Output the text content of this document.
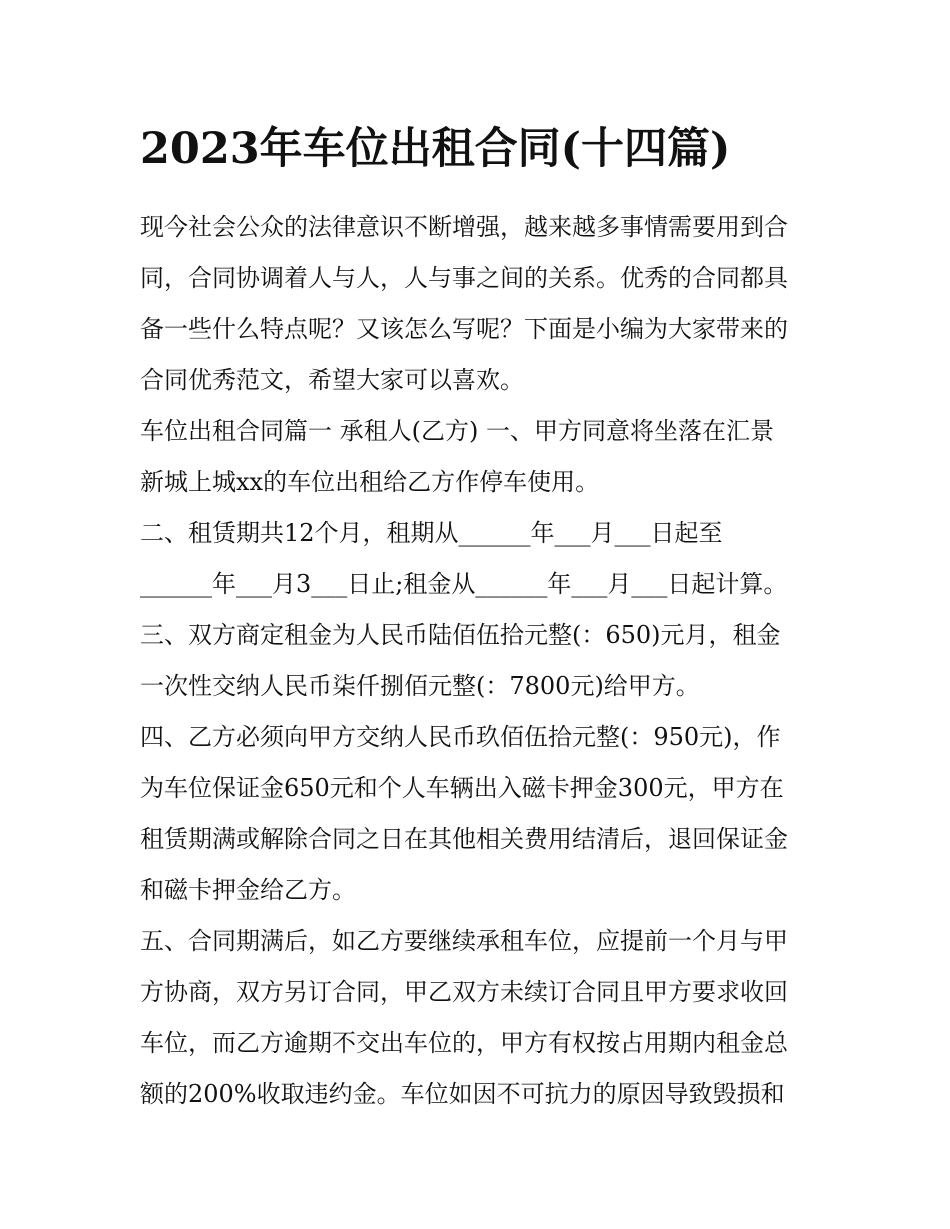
2023年车位出租合同(十四篇)
现今社会公众的法律意识不断增强，越来越多事情需要用到合
同，合同协调着人与人，人与事之间的关系。优秀的合同都具
备一些什么特点呢？又该怎么写呢？下面是小编为大家带来的
合同优秀范文，希望大家可以喜欢。
车位出租合同篇一 承租人(乙方) 一、甲方同意将坐落在汇景
新城上城xx的车位出租给乙方作停车使用。
二、租赁期共12个月，租期从______年___月___日起至
______年___月3___日止;租金从______年___月___日起计算。
三、双方商定租金为人民币陆佰伍拾元整(：650)元月，租金
一次性交纳人民币柒仟捌佰元整(：7800元)给甲方。
四、乙方必须向甲方交纳人民币玖佰伍拾元整(：950元)，作
为车位保证金650元和个人车辆出入磁卡押金300元，甲方在
租赁期满或解除合同之日在其他相关费用结清后，退回保证金
和磁卡押金给乙方。
五、合同期满后，如乙方要继续承租车位，应提前一个月与甲
方协商，双方另订合同，甲乙双方未续订合同且甲方要求收回
车位，而乙方逾期不交出车位的，甲方有权按占用期内租金总
额的200%收取违约金。车位如因不可抗力的原因导致毁损和
